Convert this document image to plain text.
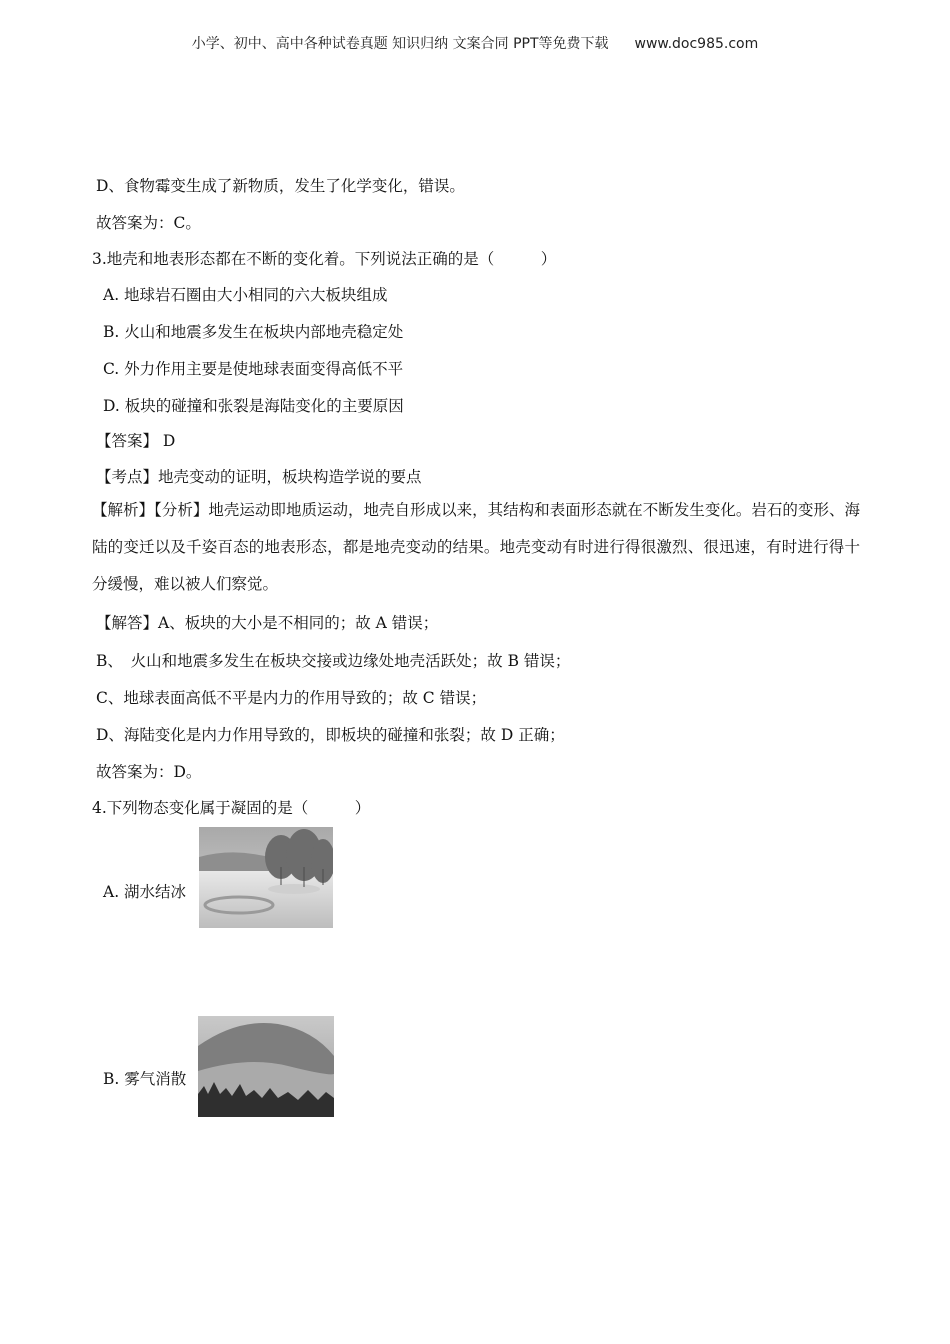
小学、初中、高中各种试卷真题 知识归纳 文案合同 PPT等免费下载 www.doc985.com
D、食物霉变生成了新物质，发生了化学变化，错误。
故答案为：C。
3.地壳和地表形态都在不断的变化着。下列说法正确的是（　　　）
A. 地球岩石圈由大小相同的六大板块组成
B. 火山和地震多发生在板块内部地壳稳定处
C. 外力作用主要是使地球表面变得高低不平
D. 板块的碰撞和张裂是海陆变化的主要原因
【答案】 D
【考点】地壳变动的证明，板块构造学说的要点
【解析】【分析】地壳运动即地质运动，地壳自形成以来，其结构和表面形态就在不断发生变化。岩石的变形、海陆的变迁以及千姿百态的地表形态，都是地壳变动的结果。地壳变动有时进行得很激烈、很迅速，有时进行得十分缓慢，难以被人们察觉。
【解答】A、板块的大小是不相同的；故 A 错误；
B、　火山和地震多发生在板块交接或边缘处地壳活跃处；故 B 错误；
C、地球表面高低不平是内力的作用导致的；故 C 错误；
D、海陆变化是内力作用导致的，即板块的碰撞和张裂；故 D 正确；
故答案为：D。
4.下列物态变化属于凝固的是（　　　）
A. 湖水结冰
B. 雾气消散
